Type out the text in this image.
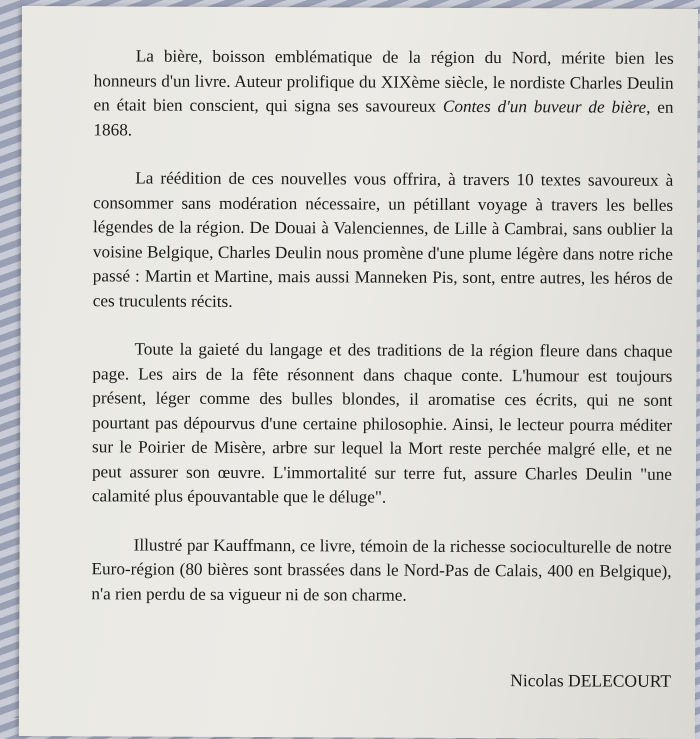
La bière, boisson emblématique de la région du Nord, mérite bien les honneurs d'un livre. Auteur prolifique du XIXème siècle, le nordiste Charles Deulin en était bien conscient, qui signa ses savoureux Contes d'un buveur de bière, en 1868.

La réédition de ces nouvelles vous offrira, à travers 10 textes savoureux à consommer sans modération nécessaire, un pétillant voyage à travers les belles légendes de la région. De Douai à Valenciennes, de Lille à Cambrai, sans oublier la voisine Belgique, Charles Deulin nous promène d'une plume légère dans notre riche passé : Martin et Martine, mais aussi Manneken Pis, sont, entre autres, les héros de ces truculents récits.

Toute la gaieté du langage et des traditions de la région fleure dans chaque page. Les airs de la fête résonnent dans chaque conte. L'humour est toujours présent, léger comme des bulles blondes, il aromatise ces écrits, qui ne sont pourtant pas dépourvus d'une certaine philosophie. Ainsi, le lecteur pourra méditer sur le Poirier de Misère, arbre sur lequel la Mort reste perchée malgré elle, et ne peut assurer son œuvre. L'immortalité sur terre fut, assure Charles Deulin "une calamité plus épouvantable que le déluge".

Illustré par Kauffmann, ce livre, témoin de la richesse socioculturelle de notre Euro-région (80 bières sont brassées dans le Nord-Pas de Calais, 400 en Belgique), n'a rien perdu de sa vigueur ni de son charme.

Nicolas DELECOURT
